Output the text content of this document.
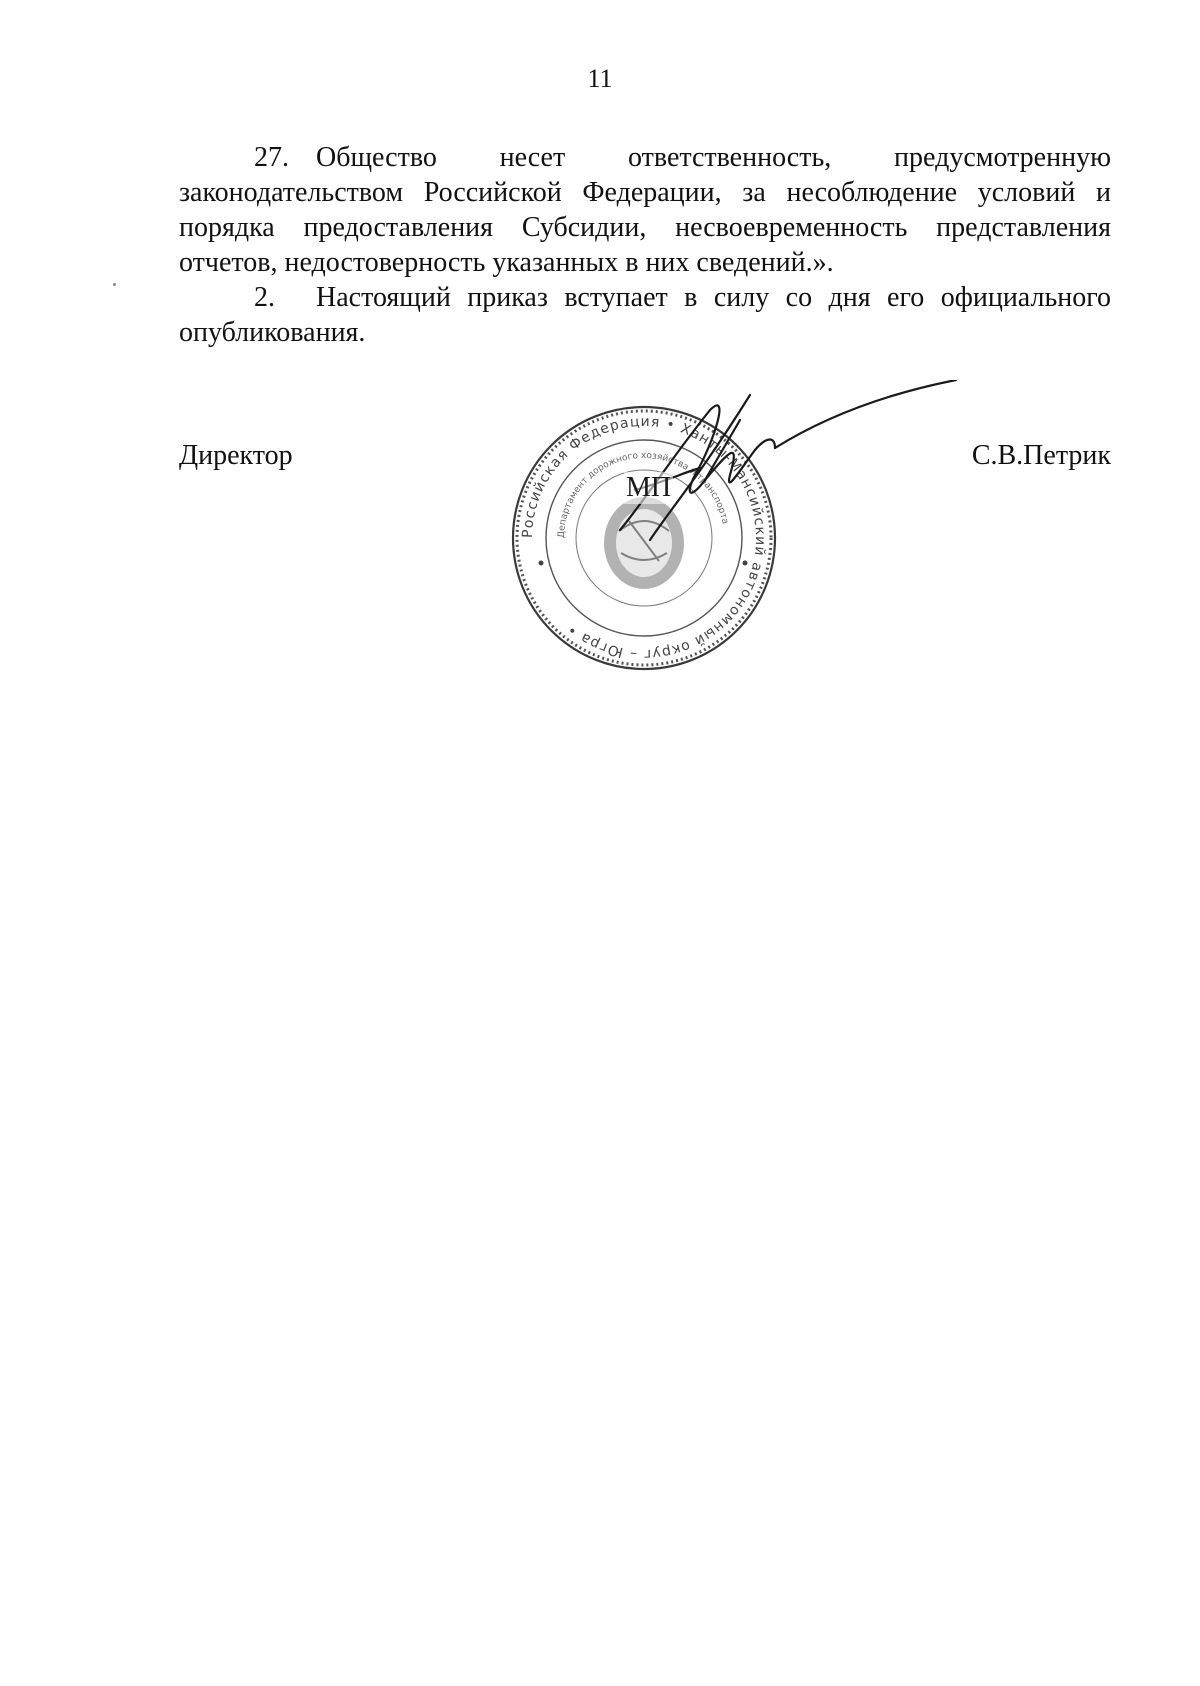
11

27. Общество несет ответственность, предусмотренную законодательством Российской Федерации, за несоблюдение условий и порядка предоставления Субсидии, несвоевременность представления отчетов, недостоверность указанных в них сведений.».

2. Настоящий приказ вступает в силу со дня его официального опубликования.

Директор	С.В.Петрик
Российская Федерация • Ханты-Мансийский автономный округ – Югра •
Департамент дорожного хозяйства и транспорта
МП
